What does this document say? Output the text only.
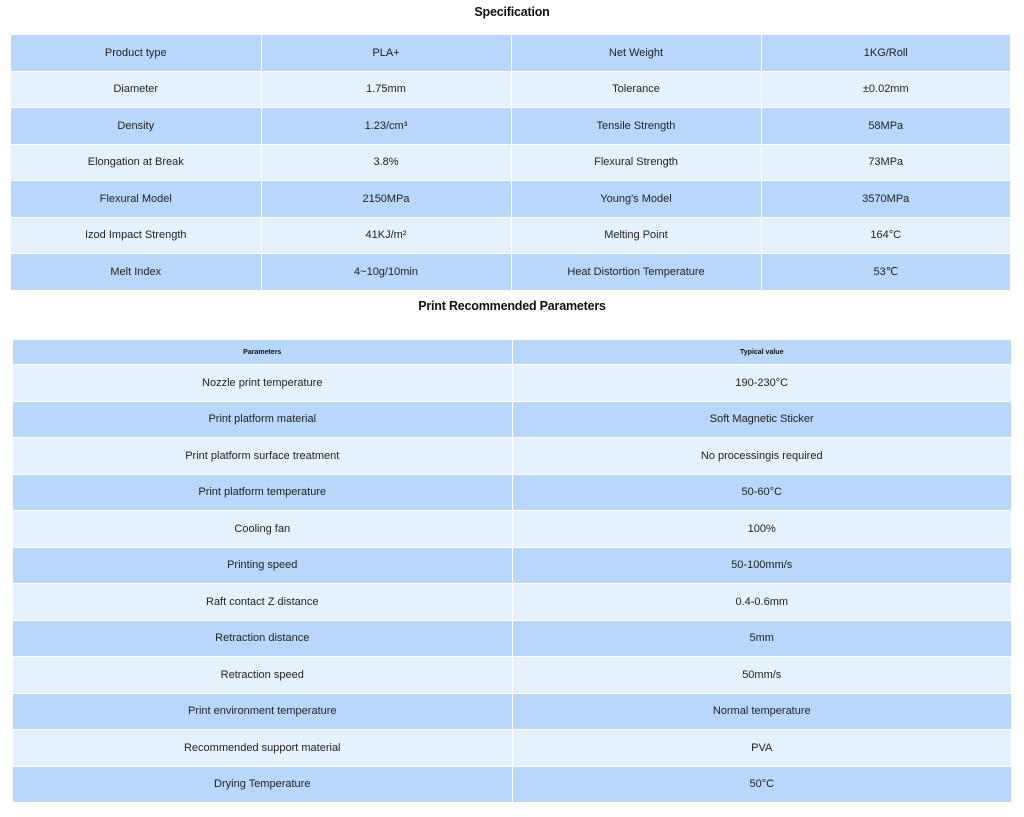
Specification
Product type	PLA+	Net Weight	1KG/Roll
Diameter	1.75mm	Tolerance	±0.02mm
Density	1.23/cm³	Tensile Strength	58MPa
Elongation at Break	3.8%	Flexural Strength	73MPa
Flexural Model	2150MPa	Young's Model	3570MPa
Izod Impact Strength	41KJ/m²	Melting Point	164°C
Melt Index	4~10g/10min	Heat Distortion Temperature	53℃
Print Recommended Parameters
Parameters	Typical value
Nozzle print temperature	190-230°C
Print platform material	Soft Magnetic Sticker
Print platform surface treatment	No processingis required
Print platform temperature	50-60°C
Cooling fan	100%
Printing speed	50-100mm/s
Raft contact Z distance	0.4-0.6mm
Retraction distance	5mm
Retraction speed	50mm/s
Print environment temperature	Normal temperature
Recommended support material	PVA
Drying Temperature	50°C
